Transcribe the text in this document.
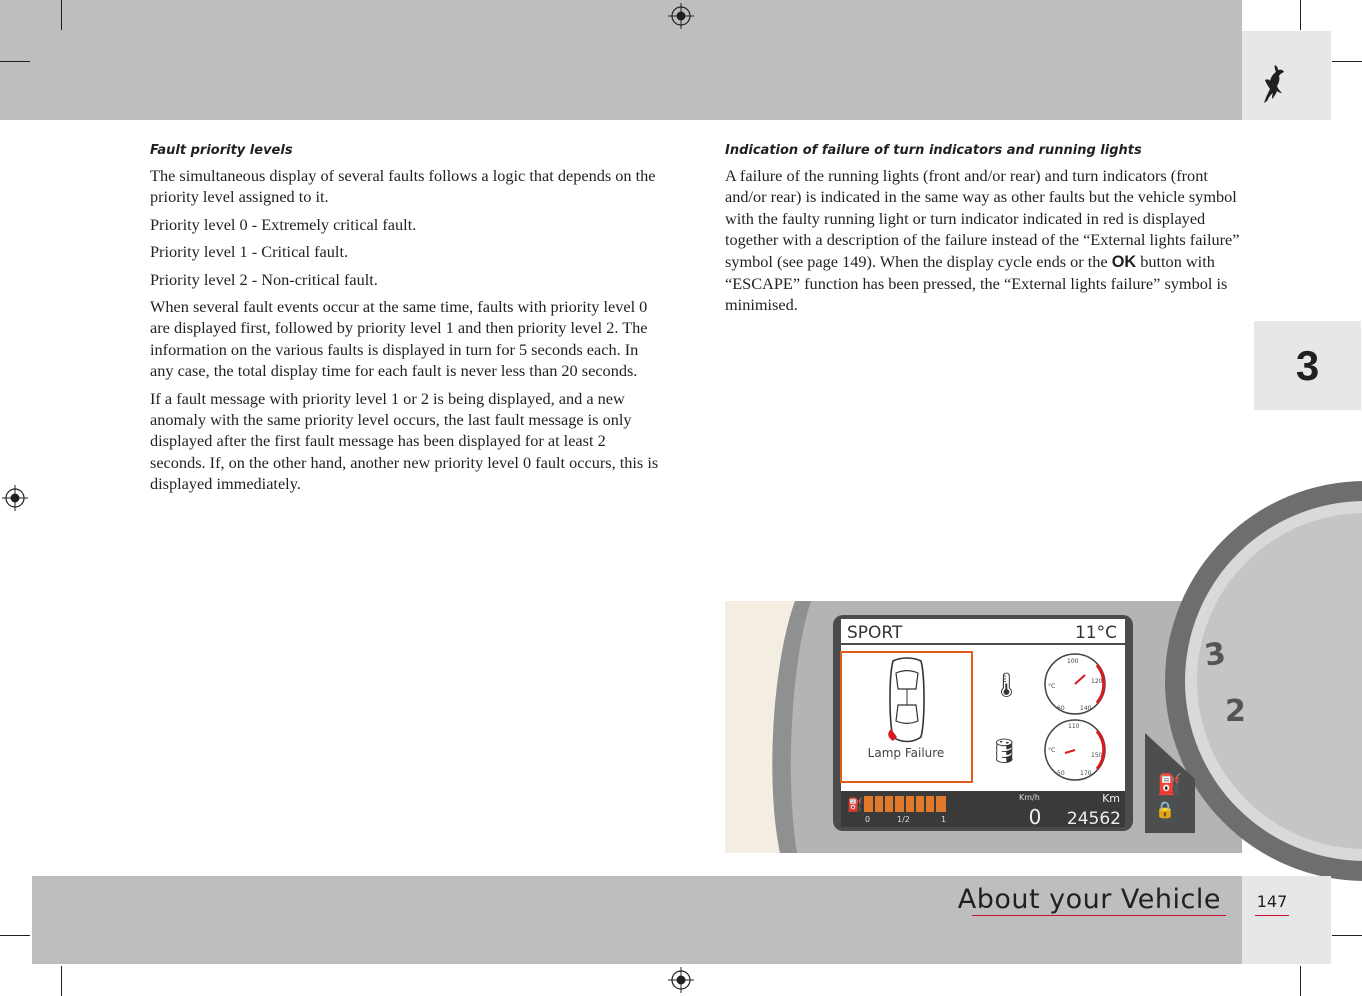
3
Fault priority levels

The simultaneous display of several faults follows a logic that depends on the priority level assigned to it.

Priority level 0 - Extremely critical fault.

Priority level 1 - Critical fault.

Priority level 2 - Non-critical fault.

When several fault events occur at the same time, faults with priority level 0 are displayed first, followed by priority level 1 and then priority level 2. The information on the various faults is displayed in turn for 5 seconds each. In any case, the total display time for each fault is never less than 20 seconds.

If a fault message with priority level 1 or 2 is being displayed, and a new anomaly with the same priority level occurs, the last fault message is only displayed after the first fault message has been displayed for at least 2 seconds. If, on the other hand, another new priority level 0 fault occurs, this is displayed immediately.

Indication of failure of turn indicators and running lights

A failure of the running lights (front and/or rear) and turn indicators (front and/or rear) is indicated in the same way as other faults but the vehicle symbol with the faulty running light or turn indicator indicated in red is displayed together with a description of the failure instead of the “External lights failure” symbol (see page 149). When the display cycle ends or the OK button with “ESCAPE” function has been pressed, the “External lights failure” symbol is minimised.

3
2
⛽
🔒
SPORT	11°C
Lamp Failure
🌡
🛢
°C
60
100
120
140
°C
50
110
150
170
⛽
0	1/2	1
Km/h
0
Km
24562
About your Vehicle 147
